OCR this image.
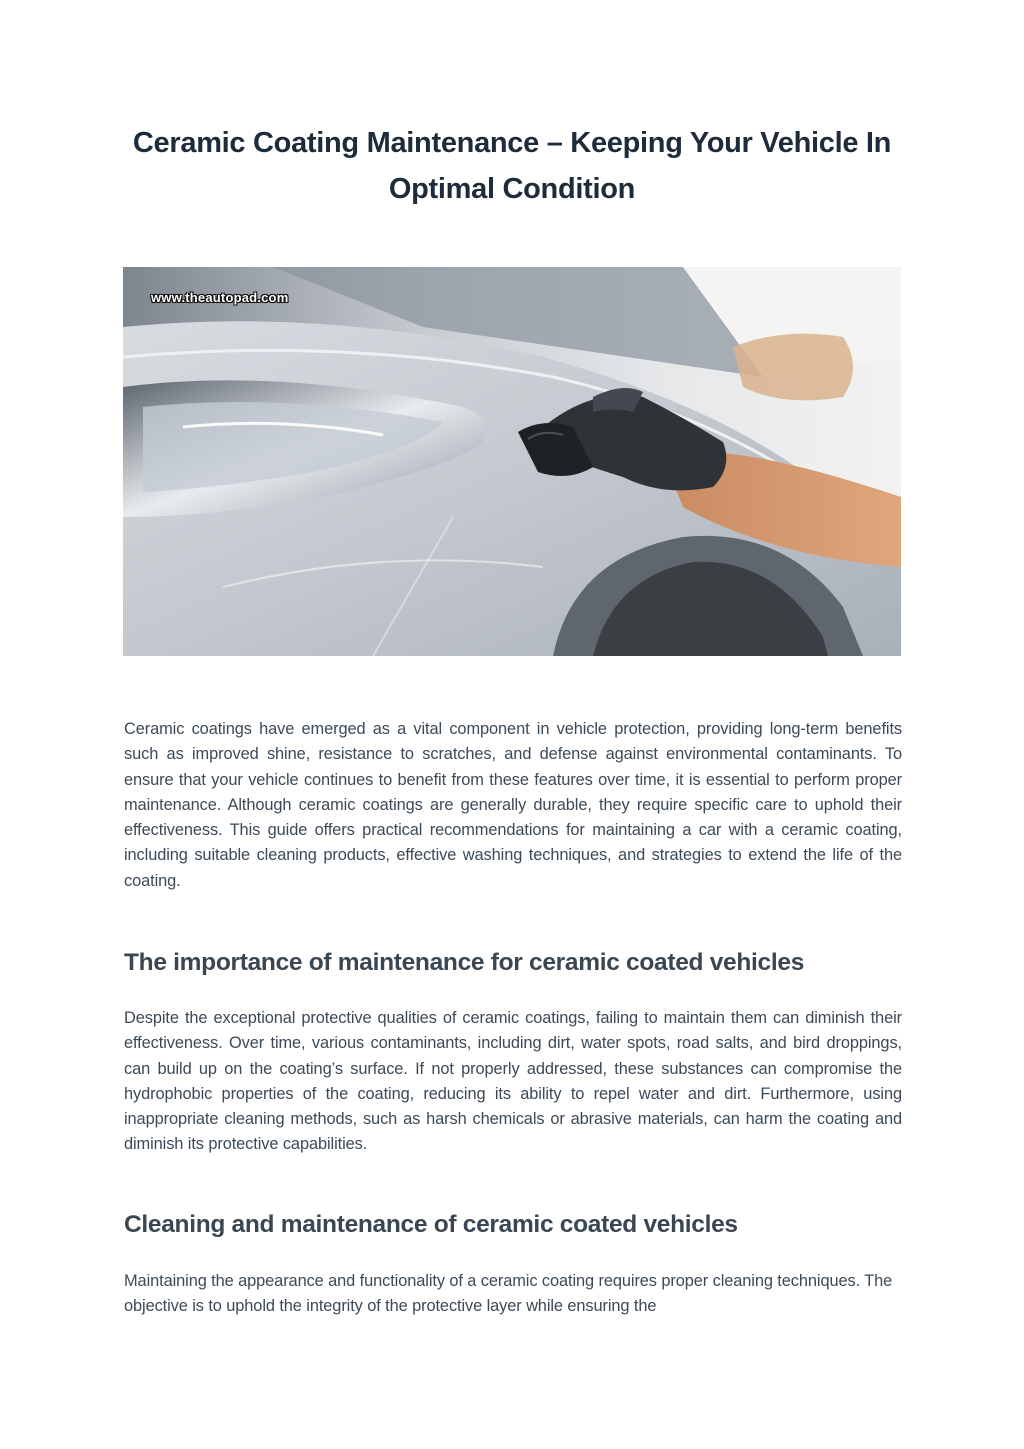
Ceramic Coating Maintenance – Keeping Your Vehicle In Optimal Condition
www.theautopad.com

Ceramic coatings have emerged as a vital component in vehicle protection, providing long-term benefits such as improved shine, resistance to scratches, and defense against environmental contaminants. To ensure that your vehicle continues to benefit from these features over time, it is essential to perform proper maintenance. Although ceramic coatings are generally durable, they require specific care to uphold their effectiveness. This guide offers practical recommendations for maintaining a car with a ceramic coating, including suitable cleaning products, effective washing techniques, and strategies to extend the life of the coating.

The importance of maintenance for ceramic coated vehicles

Despite the exceptional protective qualities of ceramic coatings, failing to maintain them can diminish their effectiveness. Over time, various contaminants, including dirt, water spots, road salts, and bird droppings, can build up on the coating’s surface. If not properly addressed, these substances can compromise the hydrophobic properties of the coating, reducing its ability to repel water and dirt. Furthermore, using inappropriate cleaning methods, such as harsh chemicals or abrasive materials, can harm the coating and diminish its protective capabilities.

Cleaning and maintenance of ceramic coated vehicles

Maintaining the appearance and functionality of a ceramic coating requires proper cleaning techniques. The objective is to uphold the integrity of the protective layer while ensuring the
